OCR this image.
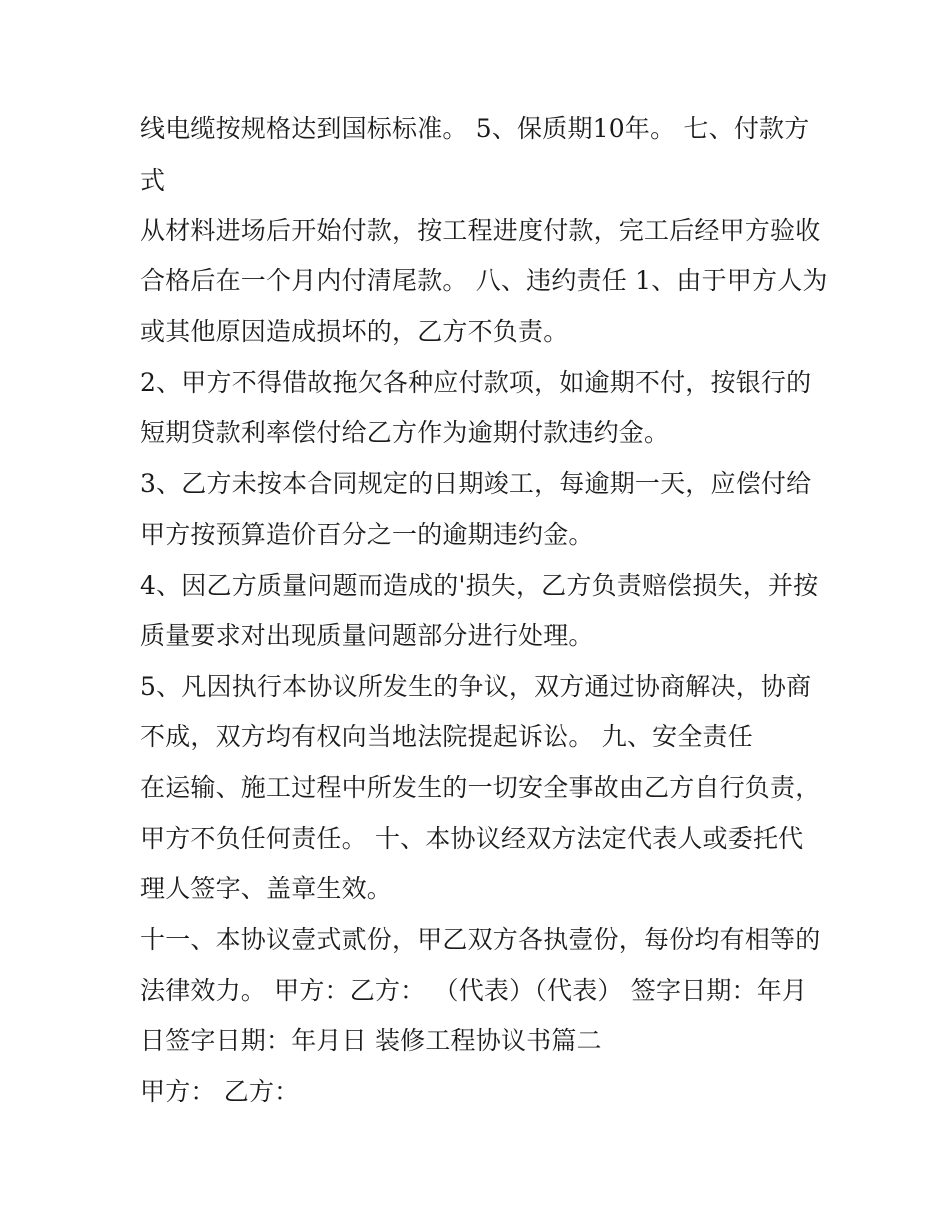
线电缆按规格达到国标标准。 5、保质期10年。 七、付款方
式
从材料进场后开始付款，按工程进度付款，完工后经甲方验收
合格后在一个月内付清尾款。 八、违约责任 1、由于甲方人为
或其他原因造成损坏的，乙方不负责。
2、甲方不得借故拖欠各种应付款项，如逾期不付，按银行的
短期贷款利率偿付给乙方作为逾期付款违约金。
3、乙方未按本合同规定的日期竣工，每逾期一天，应偿付给
甲方按预算造价百分之一的逾期违约金。
4、因乙方质量问题而造成的'损失，乙方负责赔偿损失，并按
质量要求对出现质量问题部分进行处理。
5、凡因执行本协议所发生的争议，双方通过协商解决，协商
不成，双方均有权向当地法院提起诉讼。 九、安全责任
在运输、施工过程中所发生的一切安全事故由乙方自行负责，
甲方不负任何责任。 十、本协议经双方法定代表人或委托代
理人签字、盖章生效。
十一、本协议壹式贰份，甲乙双方各执壹份，每份均有相等的
法律效力。 甲方：乙方： （代表）（代表） 签字日期：年月
日签字日期：年月日 装修工程协议书篇二
甲方： 乙方：
